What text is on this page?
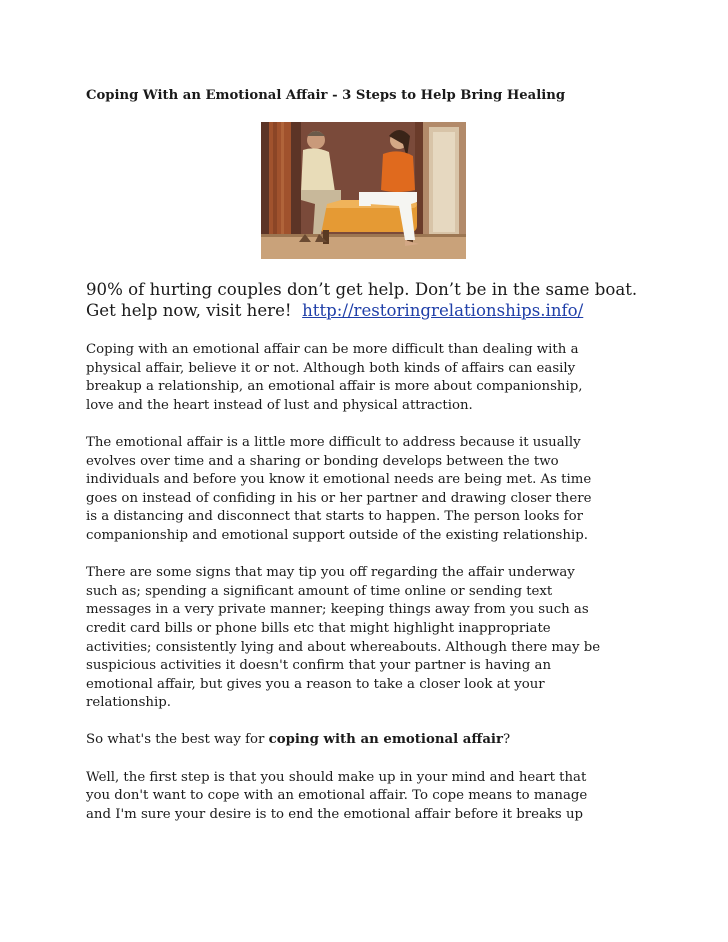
Coping With an Emotional Affair - 3 Steps to Help Bring Healing
90% of hurting couples don’t get help. Don’t be in the same boat.
Get help now, visit here!  http://restoringrelationships.info/

Coping with an emotional affair can be more difficult than dealing with a
physical affair, believe it or not. Although both kinds of affairs can easily
breakup a relationship, an emotional affair is more about companionship,
love and the heart instead of lust and physical attraction.

The emotional affair is a little more difficult to address because it usually
evolves over time and a sharing or bonding develops between the two
individuals and before you know it emotional needs are being met. As time
goes on instead of confiding in his or her partner and drawing closer there
is a distancing and disconnect that starts to happen. The person looks for
companionship and emotional support outside of the existing relationship.

There are some signs that may tip you off regarding the affair underway
such as; spending a significant amount of time online or sending text
messages in a very private manner; keeping things away from you such as
credit card bills or phone bills etc that might highlight inappropriate
activities; consistently lying and about whereabouts. Although there may be
suspicious activities it doesn't confirm that your partner is having an
emotional affair, but gives you a reason to take a closer look at your
relationship.

So what's the best way for coping with an emotional affair?

Well, the first step is that you should make up in your mind and heart that
you don't want to cope with an emotional affair. To cope means to manage
and I'm sure your desire is to end the emotional affair before it breaks up
